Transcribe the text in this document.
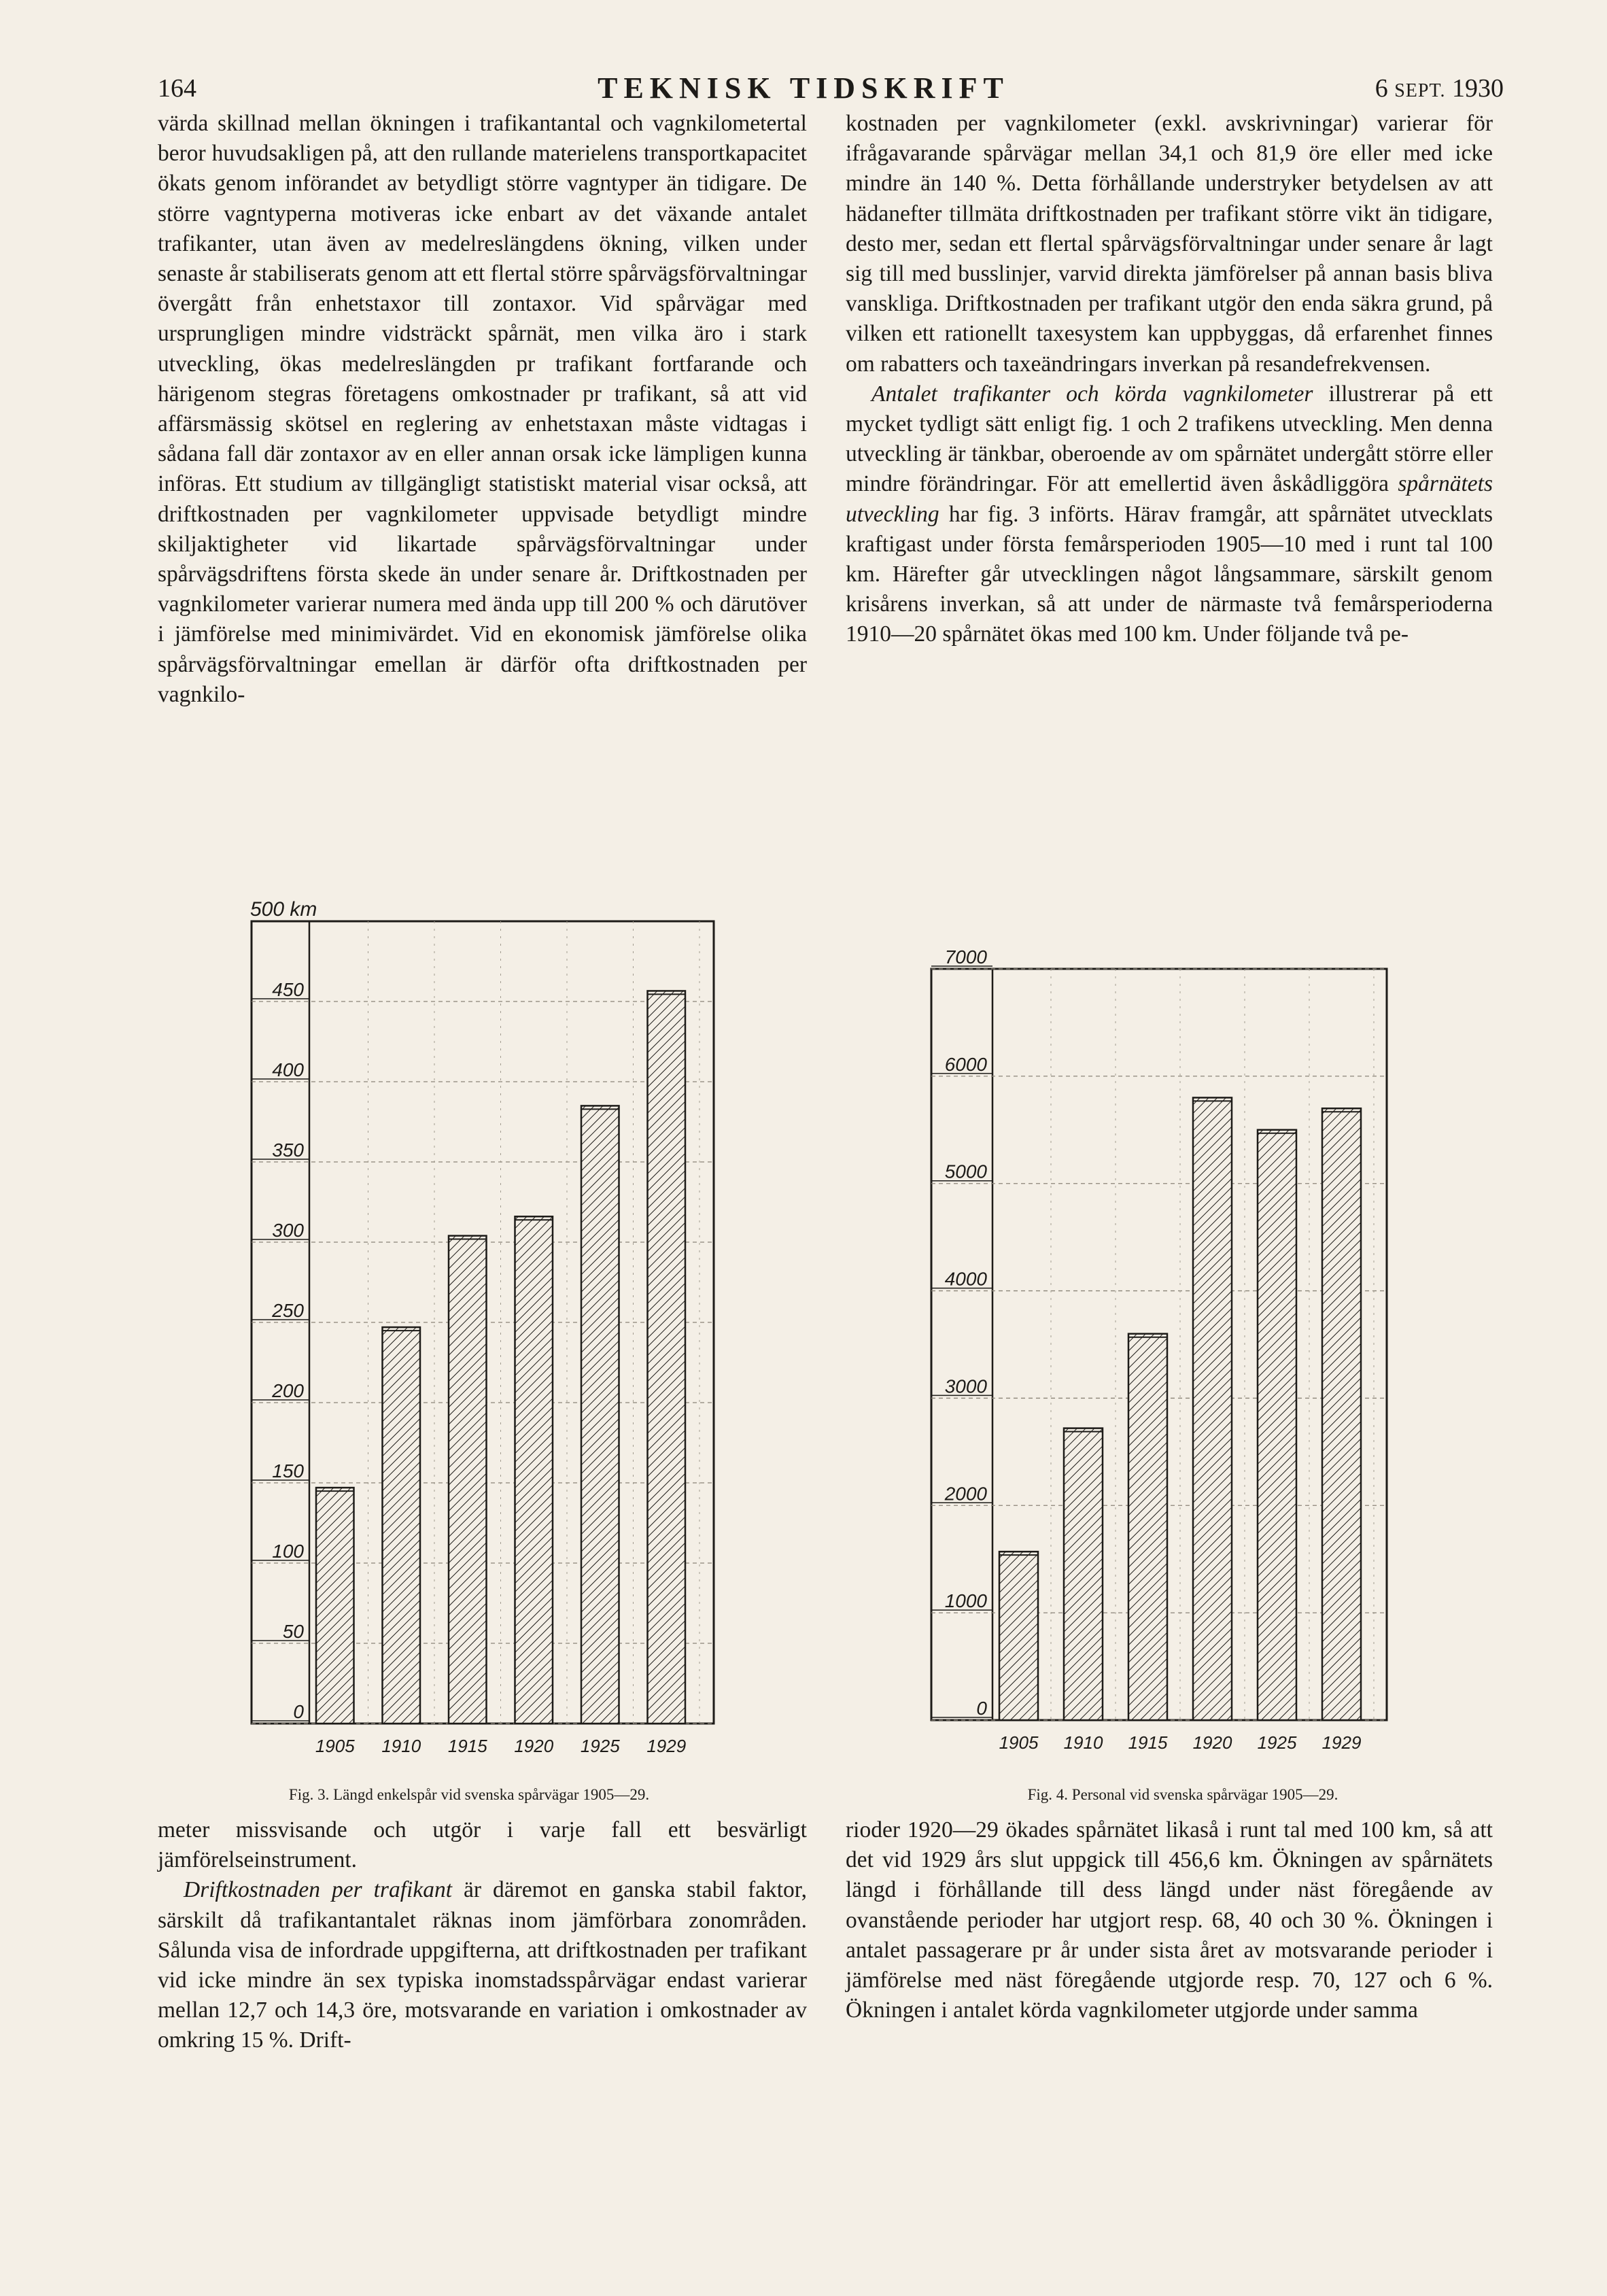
164	TEKNISK TIDSKRIFT	6 SEPT. 1930

värda skillnad mellan ökningen i trafikantantal och vagnkilometertal beror huvudsakligen på, att den rullande materielens transportkapacitet ökats genom införandet av betydligt större vagntyper än tidigare. De större vagntyperna motiveras icke enbart av det växande antalet trafikanter, utan även av medelreslängdens ökning, vilken under senaste år stabiliserats genom att ett flertal större spårvägsförvaltningar övergått från enhetstaxor till zontaxor. Vid spårvägar med ursprungligen mindre vidsträckt spårnät, men vilka äro i stark utveckling, ökas medelreslängden pr trafikant fortfarande och härigenom stegras företagens omkostnader pr trafikant, så att vid affärsmässig skötsel en reglering av enhetstaxan måste vidtagas i sådana fall där zontaxor av en eller annan orsak icke lämpligen kunna införas. Ett studium av tillgängligt statistiskt material visar också, att driftkostnaden per vagnkilometer uppvisade betydligt mindre skiljaktigheter vid likartade spårvägsförvaltningar under spårvägsdriftens första skede än under senare år. Driftkostnaden per vagnkilometer varierar numera med ända upp till 200 % och därutöver i jämförelse med minimivärdet. Vid en ekonomisk jämförelse olika spårvägsförvaltningar emellan är därför ofta driftkostnaden per vagnkilo-

kostnaden per vagnkilometer (exkl. avskrivningar) varierar för ifrågavarande spårvägar mellan 34,1 och 81,9 öre eller med icke mindre än 140 %. Detta förhållande understryker betydelsen av att hädanefter tillmäta driftkostnaden per trafikant större vikt än tidigare, desto mer, sedan ett flertal spårvägsförvaltningar under senare år lagt sig till med busslinjer, varvid direkta jämförelser på annan basis bliva vanskliga. Driftkostnaden per trafikant utgör den enda säkra grund, på vilken ett rationellt taxesystem kan uppbyggas, då erfarenhet finnes om rabatters och taxeändringars inverkan på resandefrekvensen.

Antalet trafikanter och körda vagnkilometer illustrerar på ett mycket tydligt sätt enligt fig. 1 och 2 trafikens utveckling. Men denna utveckling är tänkbar, oberoende av om spårnätet undergått större eller mindre förändringar. För att emellertid även åskådliggöra spårnätets utveckling har fig. 3 införts. Härav framgår, att spårnätet utvecklats kraftigast under första femårsperioden 1905—10 med i runt tal 100 km. Härefter går utvecklingen något långsammare, särskilt genom krisårens inverkan, så att under de närmaste två femårsperioderna 1910—20 spårnätet ökas med 100 km. Under följande två pe-

0
50
100
150
200
250
300
350
400
450
500 km
1905 1910 1915 1920 1925 1929
0
1000
2000
3000
4000
5000
6000
7000
1905 1910 1915 1920 1925 1929
Fig. 3. Längd enkelspår vid svenska spårvägar 1905—29.	Fig. 4. Personal vid svenska spårvägar 1905—29.

meter missvisande och utgör i varje fall ett besvärligt jämförelseinstrument.

Driftkostnaden per trafikant är däremot en ganska stabil faktor, särskilt då trafikantantalet räknas inom jämförbara zonområden. Sålunda visa de infordrade uppgifterna, att driftkostnaden per trafikant vid icke mindre än sex typiska inomstadsspårvägar endast varierar mellan 12,7 och 14,3 öre, motsvarande en variation i omkostnader av omkring 15 %. Drift-

rioder 1920—29 ökades spårnätet likaså i runt tal med 100 km, så att det vid 1929 års slut uppgick till 456,6 km. Ökningen av spårnätets längd i förhållande till dess längd under näst föregående av ovanstående perioder har utgjort resp. 68, 40 och 30 %. Ökningen i antalet passagerare pr år under sista året av motsvarande perioder i jämförelse med näst föregående utgjorde resp. 70, 127 och 6 %. Ökningen i antalet körda vagnkilometer utgjorde under samma
